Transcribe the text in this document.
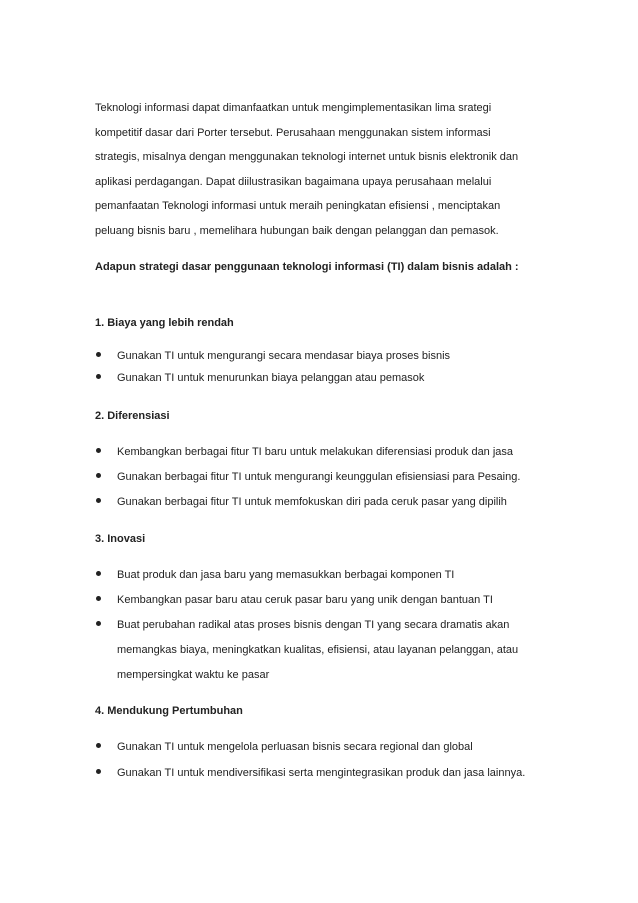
Teknologi informasi dapat dimanfaatkan untuk mengimplementasikan lima srategi

kompetitif dasar dari Porter tersebut. Perusahaan menggunakan sistem informasi

strategis, misalnya dengan menggunakan teknologi internet untuk bisnis elektronik dan

aplikasi perdagangan. Dapat diilustrasikan bagaimana upaya perusahaan melalui

pemanfaatan Teknologi informasi untuk meraih peningkatan efisiensi , menciptakan

peluang bisnis baru , memelihara hubungan baik dengan pelanggan dan pemasok.

Adapun strategi dasar penggunaan teknologi informasi (TI) dalam bisnis adalah :

1. Biaya yang lebih rendah

Gunakan TI untuk mengurangi secara mendasar biaya proses bisnis
Gunakan TI untuk menurunkan biaya pelanggan atau pemasok

2. Diferensiasi

Kembangkan berbagai fitur TI baru untuk melakukan diferensiasi produk dan jasa
Gunakan berbagai fitur TI untuk mengurangi keunggulan efisiensiasi para Pesaing.
Gunakan berbagai fitur TI untuk memfokuskan diri pada ceruk pasar yang dipilih

3. Inovasi

Buat produk dan jasa baru yang memasukkan berbagai komponen TI
Kembangkan pasar baru atau ceruk pasar baru yang unik dengan bantuan TI
Buat perubahan radikal atas proses bisnis dengan TI yang secara dramatis akan
memangkas biaya, meningkatkan kualitas, efisiensi, atau layanan pelanggan, atau
mempersingkat waktu ke pasar

4. Mendukung Pertumbuhan

Gunakan TI untuk mengelola perluasan bisnis secara regional dan global
Gunakan TI untuk mendiversifikasi serta mengintegrasikan produk dan jasa lainnya.
